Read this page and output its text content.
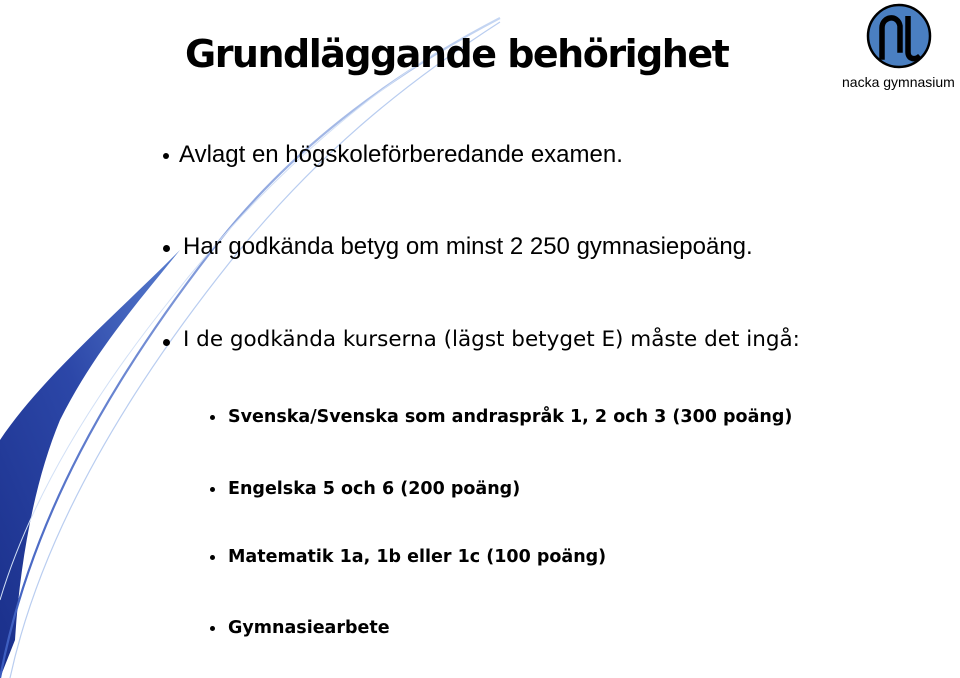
Grundläggande behörighet
nacka gymnasium
Avlagt en högskoleförberedande examen.
Har godkända betyg om minst 2 250 gymnasiepoäng.
I de godkända kurserna (lägst betyget E) måste det ingå:
Svenska/Svenska som andraspråk 1, 2 och 3 (300 poäng)
Engelska 5 och 6 (200 poäng)
Matematik 1a, 1b eller 1c (100 poäng)
Gymnasiearbete
